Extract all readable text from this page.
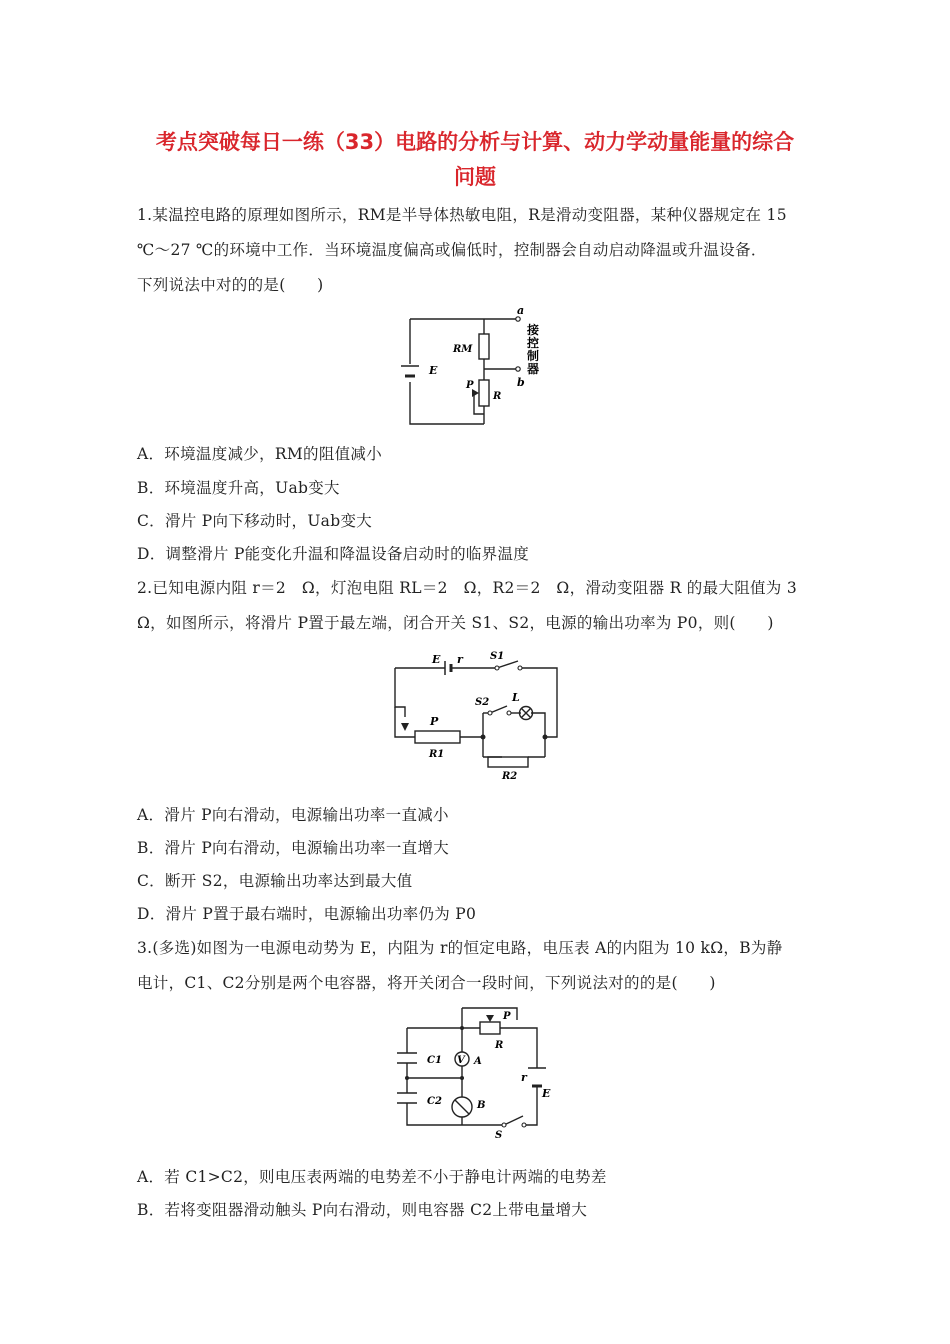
考点突破每日一练（33）电路的分析与计算、动力学动量能量的综合
问题
1.某温控电路的原理如图所示，RM是半导体热敏电阻，R是滑动变阻器，某种仪器规定在 15
℃～27 ℃的环境中工作．当环境温度偏高或偏低时，控制器会自动启动降温或升温设备．
下列说法中对的的是(　　)
a
b
RM
E
P
R
接
控
制
器
A．环境温度减少，RM的阻值减小
B．环境温度升高，Uab变大
C．滑片 P向下移动时，Uab变大
D．调整滑片 P能变化升温和降温设备启动时的临界温度
2.已知电源内阻 r＝2　Ω，灯泡电阻 RL＝2　Ω，R2＝2　Ω，滑动变阻器 R 的最大阻值为 3
Ω，如图所示，将滑片 P置于最左端，闭合开关 S1、S2，电源的输出功率为 P0，则(　　)
E r	S1
S2 L
P
R1
R2
A．滑片 P向右滑动，电源输出功率一直减小
B．滑片 P向右滑动，电源输出功率一直增大
C．断开 S2，电源输出功率达到最大值
D．滑片 P置于最右端时，电源输出功率仍为 P0
3.(多选)如图为一电源电动势为 E，内阻为 r的恒定电路，电压表 A的内阻为 10 kΩ，B为静
电计，C1、C2分别是两个电容器，将开关闭合一段时间，下列说法对的的是(　　)
P
R
C1 V A
C2	B
r
E
S
A．若 C1>C2，则电压表两端的电势差不小于静电计两端的电势差
B．若将变阻器滑动触头 P向右滑动，则电容器 C2上带电量增大
